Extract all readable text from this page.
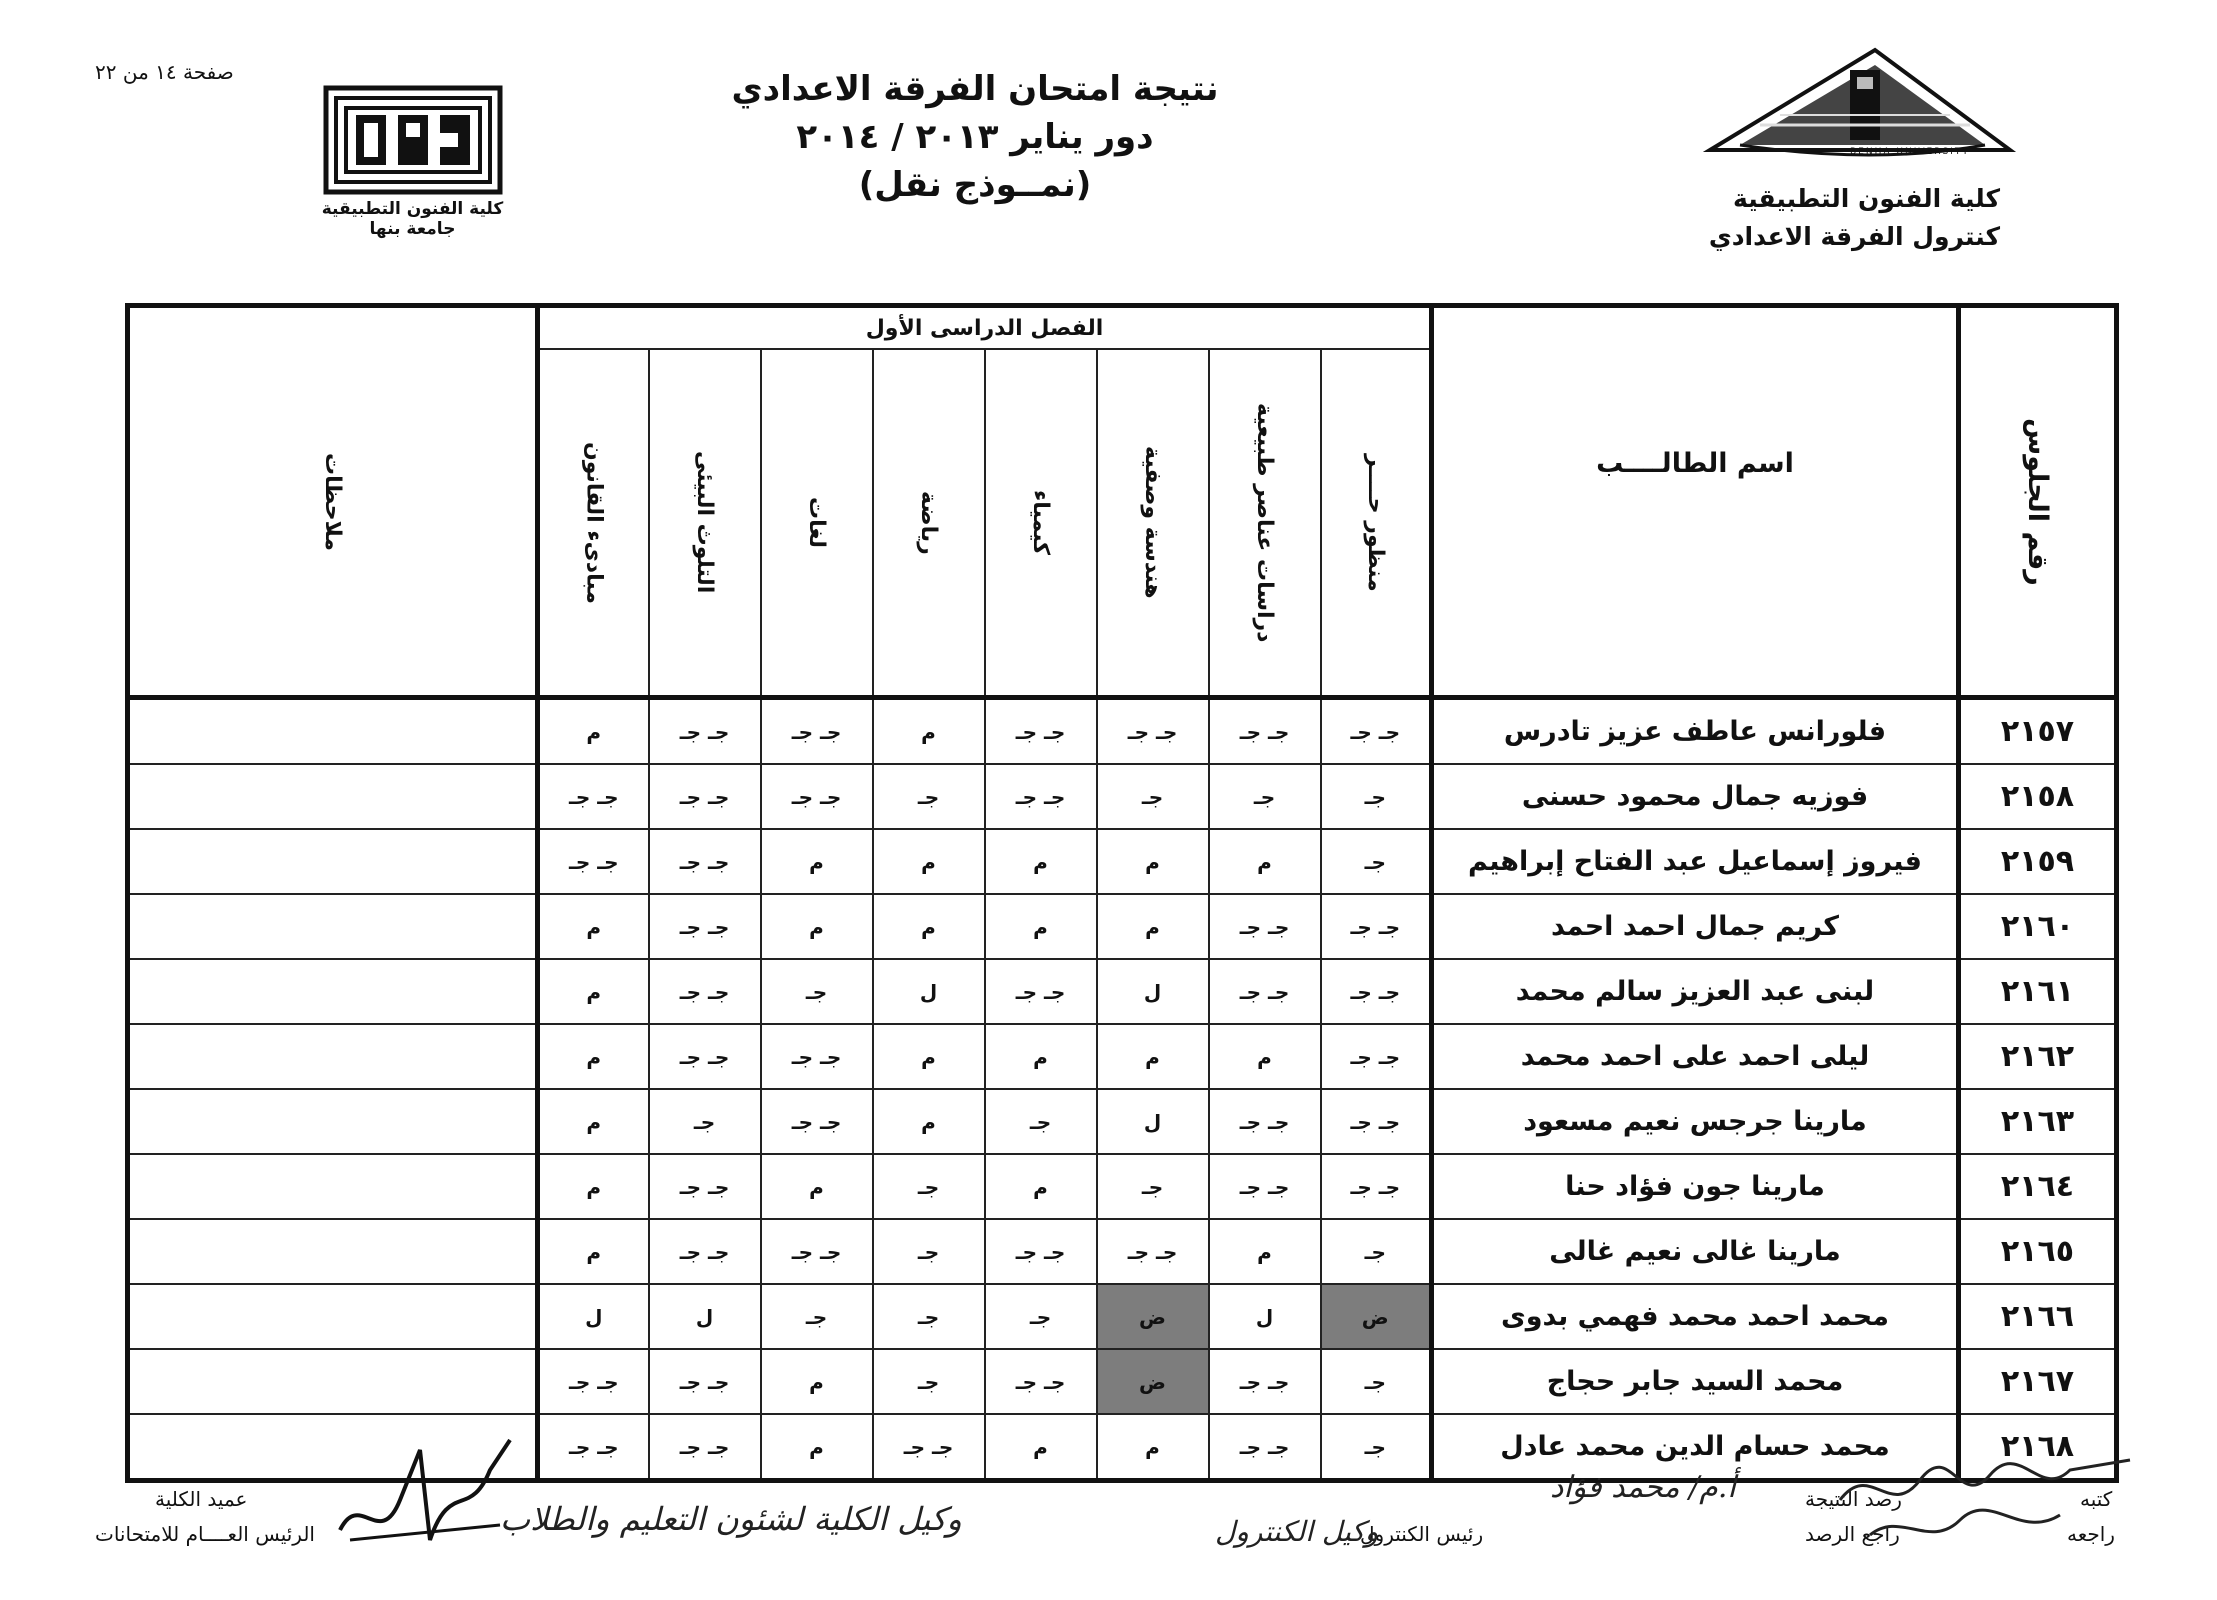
صفحة ١٤ من ٢٢	نتيجة امتحان الفرقة الاعدادي
دور يناير ٢٠١٣ / ٢٠١٤
(نمــوذج نقل)
كلية الفنون التطبيقية
جامعة بنها
BENHA UNIVERSITY
كلية الفنون التطبيقية
كنترول الفرقة الاعدادي
رقم الجلوس	اسم الطالــــب	الفصل الدراسى الأول								ملاحظات

		منظور حــــر	دراسات عناصر طبيعية	هندسة وصفية	كيمياء	رياضة	لغات	التلوث البيئى	مبادىء القانون	

٢١٥٧	فلورانس عاطف عزيز تادرس	جـ جـ	جـ جـ	جـ جـ	جـ جـ	م	جـ جـ	جـ جـ	م	
٢١٥٨	فوزيه جمال محمود حسنى	جـ	جـ	جـ	جـ جـ	جـ	جـ جـ	جـ جـ	جـ جـ	
٢١٥٩	فيروز إسماعيل عبد الفتاح إبراهيم	جـ	م	م	م	م	م	جـ جـ	جـ جـ	
٢١٦٠	كريم جمال احمد احمد	جـ جـ	جـ جـ	م	م	م	م	جـ جـ	م	
٢١٦١	لبنى عبد العزيز سالم محمد	جـ جـ	جـ جـ	ل	جـ جـ	ل	جـ	جـ جـ	م	
٢١٦٢	ليلى احمد على احمد محمد	جـ جـ	م	م	م	م	جـ جـ	جـ جـ	م	
٢١٦٣	مارينا جرجس نعيم مسعود	جـ جـ	جـ جـ	ل	جـ	م	جـ جـ	جـ	م	
٢١٦٤	مارينا جون فؤاد حنا	جـ جـ	جـ جـ	جـ	م	جـ	م	جـ جـ	م	
٢١٦٥	مارينا غالى نعيم غالى	جـ	م	جـ جـ	جـ جـ	جـ	جـ جـ	جـ جـ	م	
٢١٦٦	محمد احمد محمد فهمي بدوى	ض	ل	ض	جـ	جـ	جـ	ل	ل	
٢١٦٧	محمد السيد جابر حجاج	جـ	جـ جـ	ض	جـ جـ	جـ	م	جـ جـ	جـ جـ	
٢١٦٨	محمد حسام الدين محمد عادل	جـ	جـ جـ	م	م	جـ جـ	م	جـ جـ	جـ جـ	
كتبه
راجعه
رصد النتيجة
راجع الرصد
رئيس الكنترول
عميد الكلية
الرئيس العــــام للامتحانات
أ.م/ محمد فؤاد
وكيل الكلية لشئون التعليم والطلاب	وكيل الكنترول
